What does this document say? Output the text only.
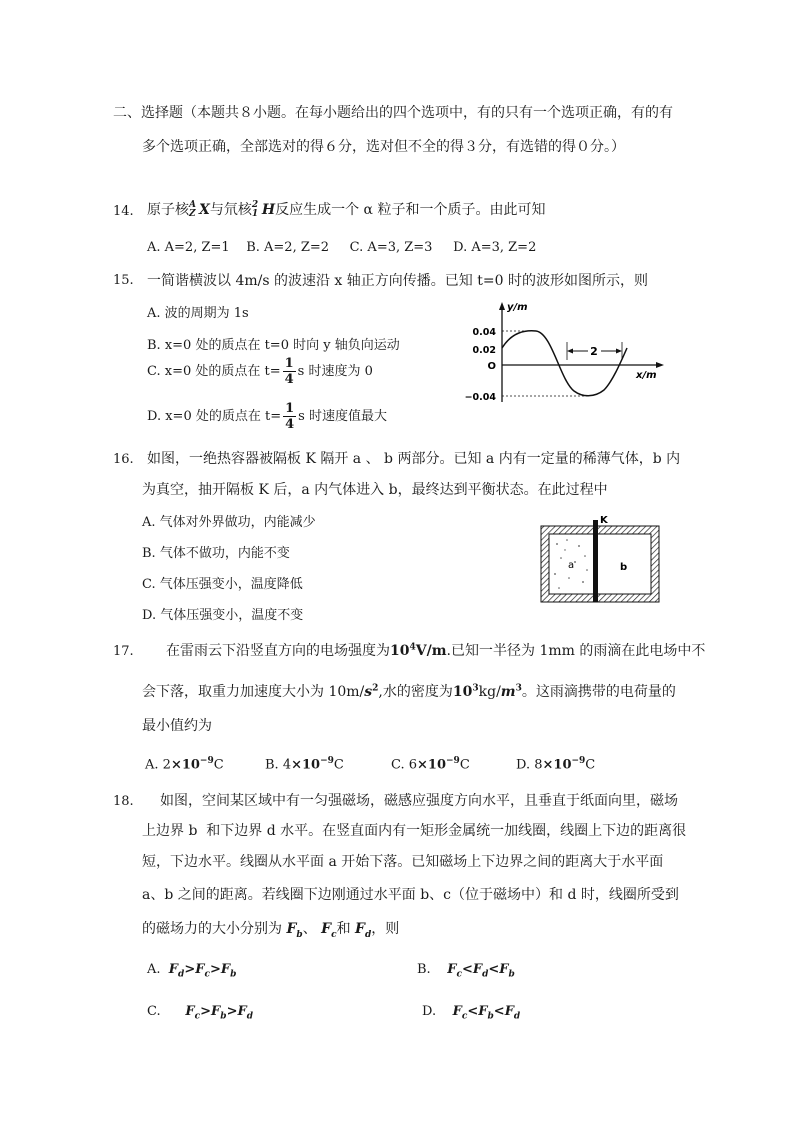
二、选择题（本题共８小题。在每小题给出的四个选项中，有的只有一个选项正确，有的有
多个选项正确，全部选对的得６分，选对但不全的得３分，有选错的得０分。）
14. 原子核 A
Z X与氘核 2
1 H反应生成一个 α 粒子和一个质子。由此可知
A. A=2, Z=1    B. A=2, Z=2     C. A=3, Z=3     D. A=3, Z=2
15. 一简谐横波以 4m/s 的波速沿 x 轴正方向传播。已知 t=0 时的波形如图所示，则
A. 波的周期为 1s
B. x=0 处的质点在 t=0 时向 y 轴负向运动
C. x=0 处的质点在 $t= \frac{1}{4}$ s 时速度为 0
D. x=0 处的质点在 $t= \frac{1}{4}$ s 时速度值最大
2
y/m
x/m
0.04
0.02
O
−0.04
16. 如图，一绝热容器被隔板 K 隔开 a 、 b 两部分。已知 a 内有一定量的稀薄气体，b 内
为真空，抽开隔板 K 后，a 内气体进入 b，最终达到平衡状态。在此过程中
A. 气体对外界做功，内能减少
B. 气体不做功，内能不变
C. 气体压强变小，温度降低
D. 气体压强变小，温度不变
K
a	b
17. 在雷雨云下沿竖直方向的电场强度为$10^4V/m$.已知一半径为 1mm 的雨滴在此电场中不
会下落，取重力加速度大小为 $10m/s^2$,水的密度为$10^3kg/m^3$。这雨滴携带的电荷量的
最小值约为
A. $2\times 10^{-9}C$	B. $4\times 10^{-9}C$	C. $6\times 10^{-9}C$	D. $8\times 10^{-9}C$
18. 如图，空间某区域中有一匀强磁场，磁感应强度方向水平，且垂直于纸面向里，磁场
上边界 b  和下边界 d 水平。在竖直面内有一矩形金属统一加线圈，线圈上下边的距离很
短，下边水平。线圈从水平面 a 开始下落。已知磁场上下边界之间的距离大于水平面
a、b 之间的距离。若线圈下边刚通过水平面 b、c（位于磁场中）和 d 时，线圈所受到
的磁场力的大小分别为 $F_b$、 $F_c$和 $F_d$，则
A. $F_d>F_c>F_b$	B. $F_c<F_d<F_b$
C. $F_c>F_b>F_d$	D. $F_c<F_b<F_d$
